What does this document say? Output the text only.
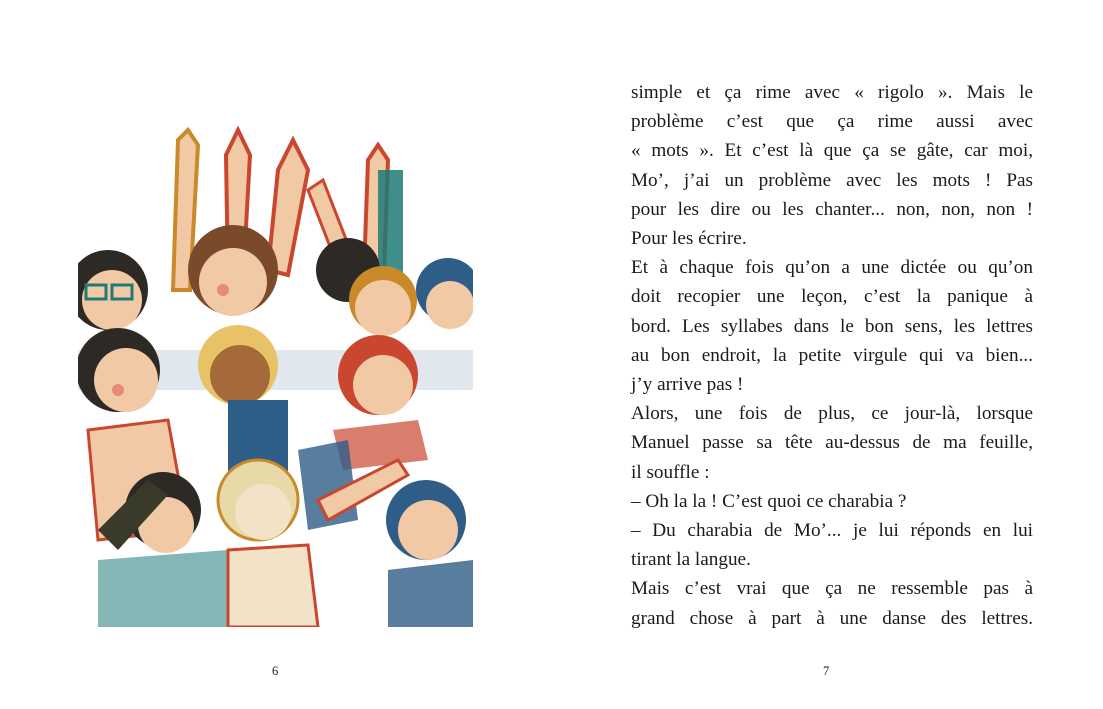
6

simple et ça rime avec « rigolo ». Mais le

problème c’est que ça rime aussi avec

« mots ». Et c’est là que ça se gâte, car moi,

Mo’, j’ai un problème avec les mots ! Pas

pour les dire ou les chanter... non, non, non !

Pour les écrire.

Et à chaque fois qu’on a une dictée ou qu’on

doit recopier une leçon, c’est la panique à

bord. Les syllabes dans le bon sens, les lettres

au bon endroit, la petite virgule qui va bien...

j’y arrive pas !

Alors, une fois de plus, ce jour-là, lorsque

Manuel passe sa tête au-dessus de ma feuille,

il souffle :

– Oh la la ! C’est quoi ce charabia ?

– Du charabia de Mo’... je lui réponds en lui

tirant la langue.

Mais c’est vrai que ça ne ressemble pas à

grand chose à part à une danse des lettres.

7
